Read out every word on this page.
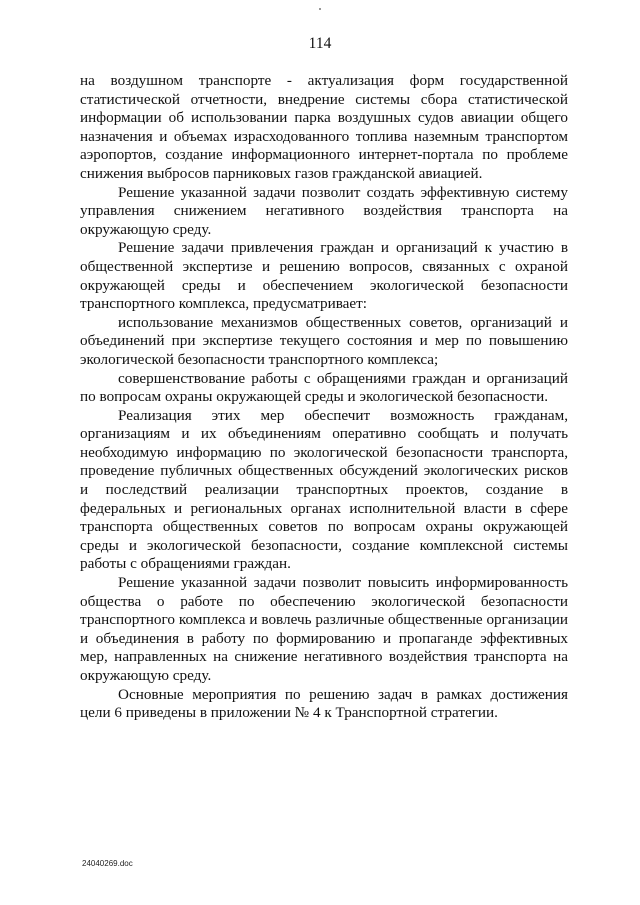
114

на воздушном транспорте - актуализация форм государственной статистической отчетности, внедрение системы сбора статистической информации об использовании парка воздушных судов авиации общего назначения и объемах израсходованного топлива наземным транспортом аэропортов, создание информационного интернет-портала по проблеме снижения выбросов парниковых газов гражданской авиацией.

Решение указанной задачи позволит создать эффективную систему управления снижением негативного воздействия транспорта на окружающую среду.

Решение задачи привлечения граждан и организаций к участию в общественной экспертизе и решению вопросов, связанных с охраной окружающей среды и обеспечением экологической безопасности транспортного комплекса, предусматривает:

использование механизмов общественных советов, организаций и объединений при экспертизе текущего состояния и мер по повышению экологической безопасности транспортного комплекса;

совершенствование работы с обращениями граждан и организаций по вопросам охраны окружающей среды и экологической безопасности.

Реализация этих мер обеспечит возможность гражданам, организациям и их объединениям оперативно сообщать и получать необходимую информацию по экологической безопасности транспорта, проведение публичных общественных обсуждений экологических рисков и последствий реализации транспортных проектов, создание в федеральных и региональных органах исполнительной власти в сфере транспорта общественных советов по вопросам охраны окружающей среды и экологической безопасности, создание комплексной системы работы с обращениями граждан.

Решение указанной задачи позволит повысить информированность общества о работе по обеспечению экологической безопасности транспортного комплекса и вовлечь различные общественные организации и объединения в работу по формированию и пропаганде эффективных мер, направленных на снижение негативного воздействия транспорта на окружающую среду.

Основные мероприятия по решению задач в рамках достижения цели 6 приведены в приложении № 4 к Транспортной стратегии.

24040269.doc
